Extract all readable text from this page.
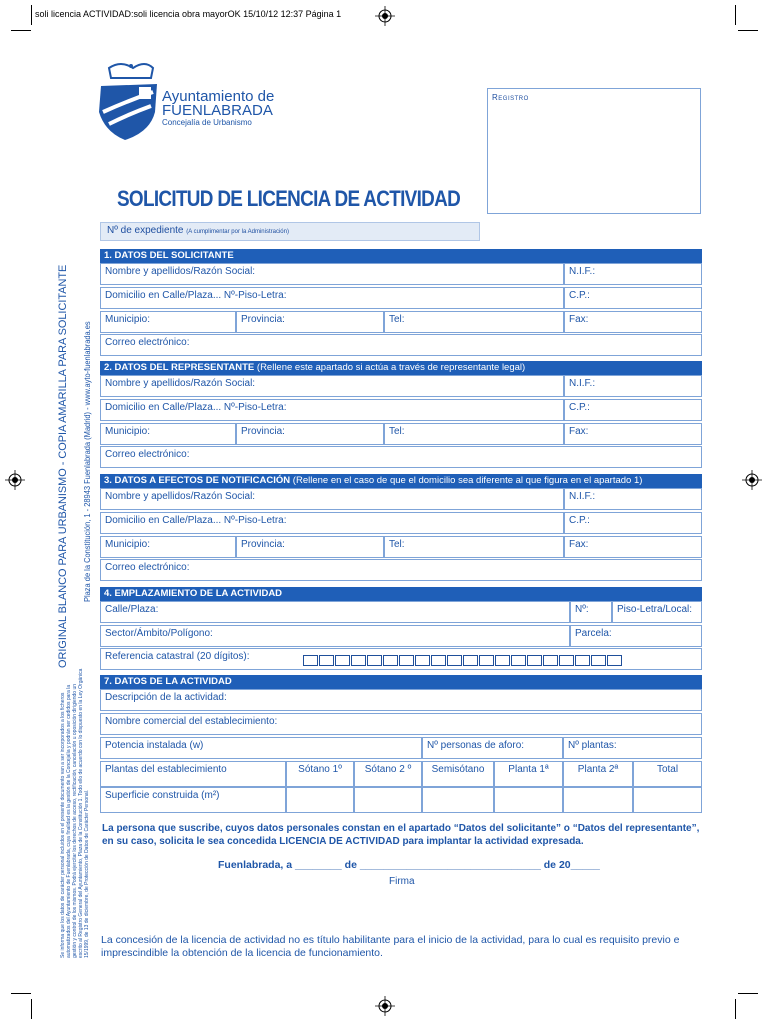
soli licencia ACTIVIDAD:soli licencia obra mayorOK 15/10/12 12:37 Página 1
Ayuntamiento de
FUENLABRADA
Concejalía de Urbanismo
Registro
SOLICITUD DE LICENCIA DE ACTIVIDAD
Nº de expediente (A cumplimentar por la Administración)
ORIGINAL BLANCO PARA URBANISMO - COPIA AMARILLA PARA SOLICITANTE Plaza de la Constitución, 1 - 28943 Fuenlabrada (Madrid) - www.ayto-fuenlabrada.es
Se informa que los datos de carácter personal incluidos en el presente documento van a ser incorporados a los ficheros automatizados del Ayuntamiento de Fuenlabrada, cuya finalidad es la gestión de la Concejalía y podrán ser cedidos para la gestión y control de los mismos. Podrá ejercitar los derechos de acceso, rectificación, cancelación u oposición dirigiendo un escrito al Registro General del Ayuntamiento, Plaza de la Constitución 1. Todo ello de acuerdo con lo dispuesto en la Ley Orgánica 15/1999, de 13 de diciembre, de Protección de Datos de Carácter Personal.
1. DATOS DEL SOLICITANTE
Nombre y apellidos/Razón Social:	N.I.F.:
Domicilio en Calle/Plaza... Nº-Piso-Letra:	C.P.:
Municipio:	Provincia:	Tel:	Fax:
Correo electrónico:
2. DATOS DEL REPRESENTANTE (Rellene este apartado si actúa a través de representante legal)
Nombre y apellidos/Razón Social:	N.I.F.:
Domicilio en Calle/Plaza... Nº-Piso-Letra:	C.P.:
Municipio:	Provincia:	Tel:	Fax:
Correo electrónico:
3. DATOS A EFECTOS DE NOTIFICACIÓN (Rellene en el caso de que el domicilio sea diferente al que figura en el apartado 1)
Nombre y apellidos/Razón Social:	N.I.F.:
Domicilio en Calle/Plaza... Nº-Piso-Letra:	C.P.:
Municipio:	Provincia:	Tel:	Fax:
Correo electrónico:
4. EMPLAZAMIENTO DE LA ACTIVIDAD
Calle/Plaza:	Nº:	Piso-Letra/Local:
Sector/Ámbito/Polígono:	Parcela:
Referencia catastral (20 dígitos):
7. DATOS DE LA ACTIVIDAD
Descripción de la actividad:
Nombre comercial del establecimiento:
Potencia instalada (w)	Nº personas de aforo:	Nº plantas:
Plantas del establecimiento	Sótano 1º	Sótano 2 º	Semisótano	Planta 1ª	Planta 2ª	Total
Superficie construida (m²)
La persona que suscribe, cuyos datos personales constan en el apartado “Datos del solicitante” o “Datos del representante”, en su caso, solicita le sea concedida LICENCIA DE ACTIVIDAD para implantar la actividad expresada.
Fuenlabrada, a ________ de _______________________________ de 20_____
Firma
La concesión de la licencia de actividad no es título habilitante para el inicio de la actividad, para lo cual es requisito previo e imprescindible la obtención de la licencia de funcionamiento.
